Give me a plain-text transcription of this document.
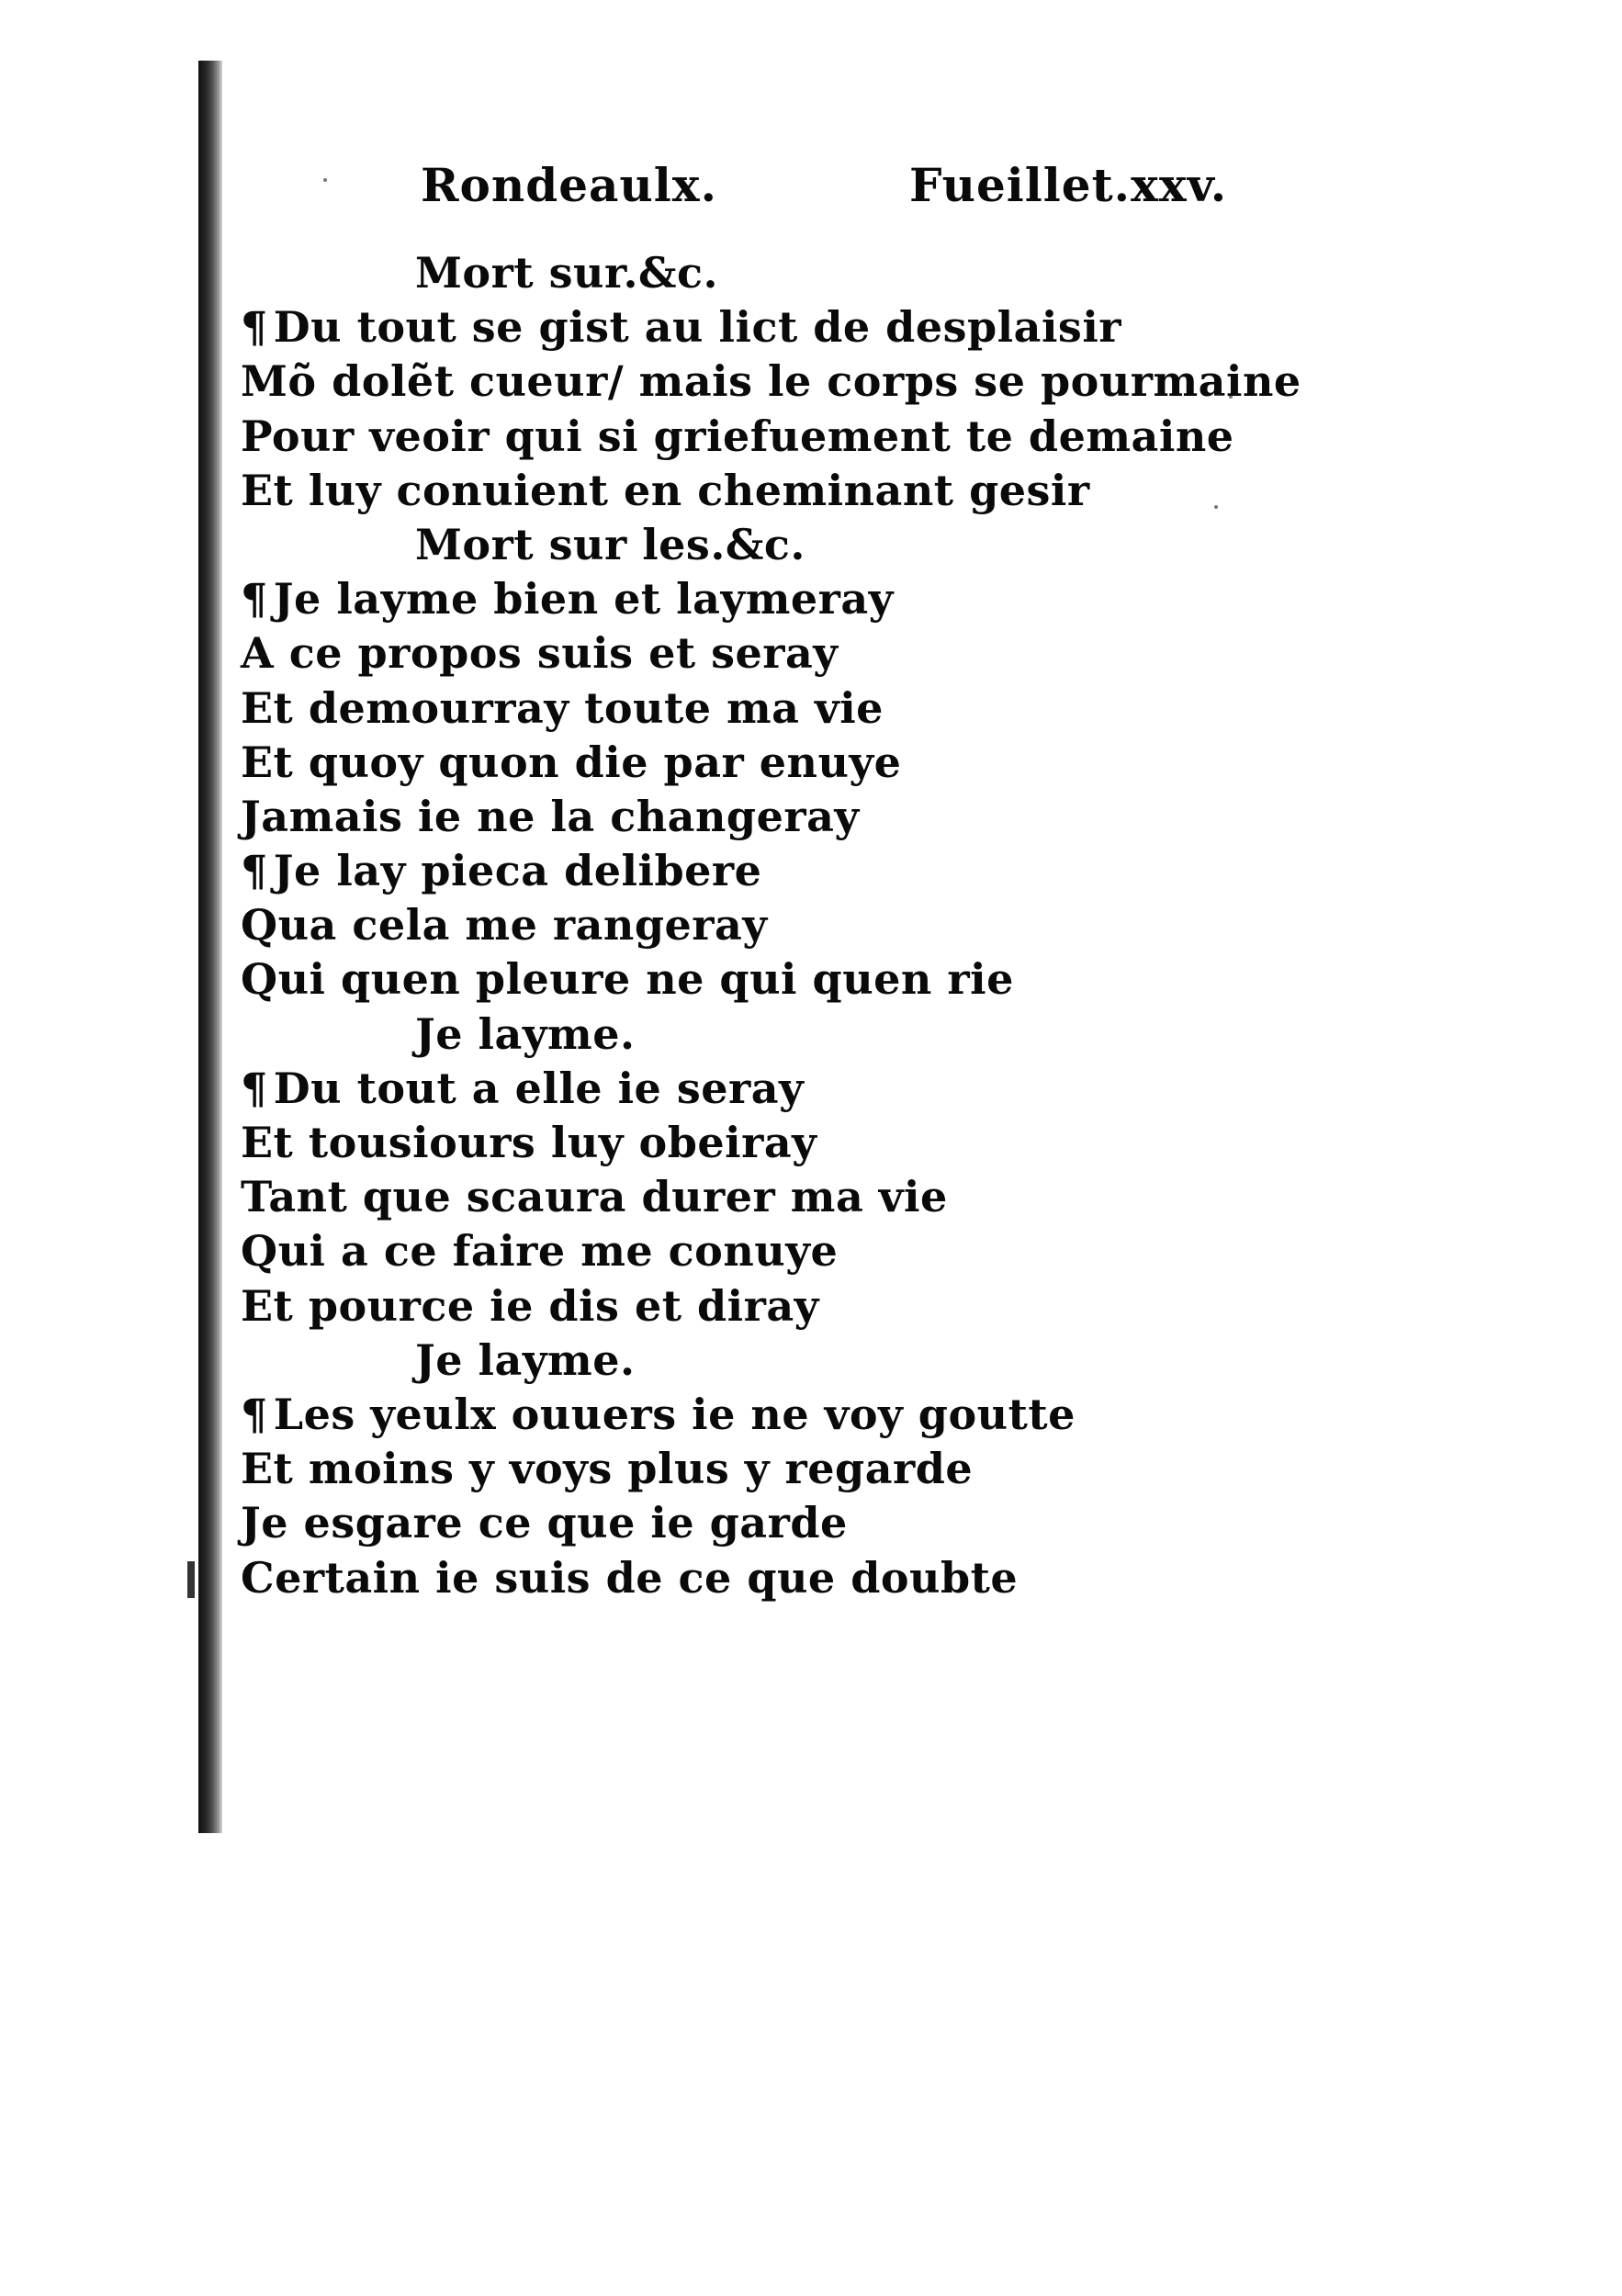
Rondeaulx.	Fueillet.xxv.
Mort sur.&c.
¶ Du tout se gist au lict de desplaisir
Mõ dolẽt cueur/ mais le corps se pourmaine
Pour veoir qui si griefuement te demaine
Et luy conuient en cheminant gesir
Mort sur les.&c.
¶ Je layme bien et laymeray
A ce propos suis et seray
Et demourray toute ma vie
Et quoy quon die par enuye
Jamais ie ne la changeray
¶ Je lay pieca delibere
Qua cela me rangeray
Qui quen pleure ne qui quen rie
Je layme.
¶ Du tout a elle ie seray
Et tousiours luy obeiray
Tant que scaura durer ma vie
Qui a ce faire me conuye
Et pource ie dis et diray
Je layme.
¶ Les yeulx ouuers ie ne voy goutte
Et moins y voys plus y regarde
Je esgare ce que ie garde
Certain ie suis de ce que doubte
